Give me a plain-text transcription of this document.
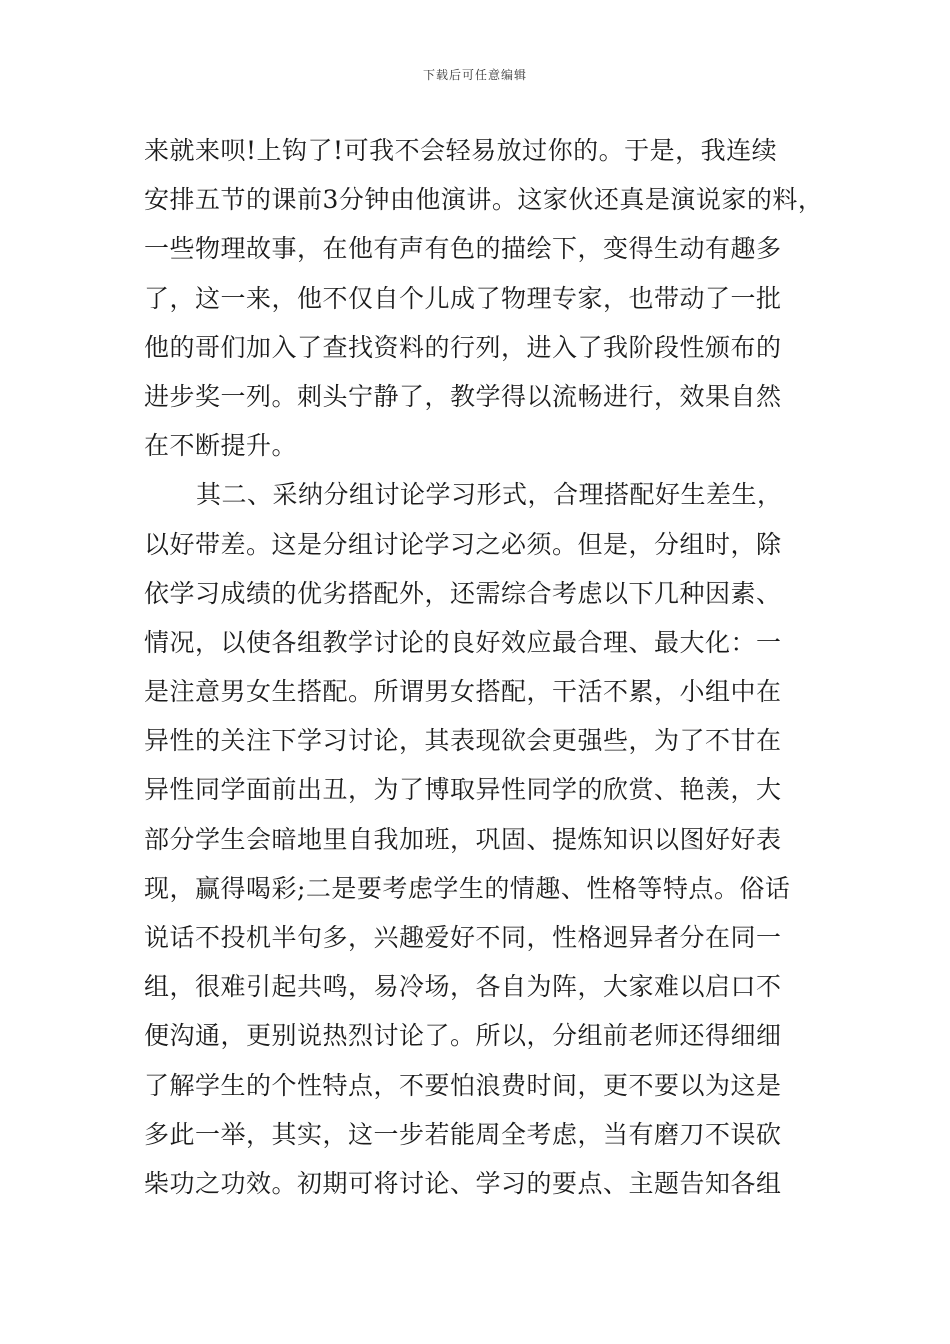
下载后可任意编辑
来就来呗!上钩了!可我不会轻易放过你的。于是，我连续
安排五节的课前3分钟由他演讲。这家伙还真是演说家的料，
一些物理故事，在他有声有色的描绘下，变得生动有趣多
了，这一来，他不仅自个儿成了物理专家，也带动了一批
他的哥们加入了查找资料的行列，进入了我阶段性颁布的
进步奖一列。刺头宁静了，教学得以流畅进行，效果自然
在不断提升。
其二、采纳分组讨论学习形式，合理搭配好生差生，
以好带差。这是分组讨论学习之必须。但是，分组时，除
依学习成绩的优劣搭配外，还需综合考虑以下几种因素、
情况，以使各组教学讨论的良好效应最合理、最大化：一
是注意男女生搭配。所谓男女搭配，干活不累，小组中在
异性的关注下学习讨论，其表现欲会更强些，为了不甘在
异性同学面前出丑，为了博取异性同学的欣赏、艳羡，大
部分学生会暗地里自我加班，巩固、提炼知识以图好好表
现，赢得喝彩;二是要考虑学生的情趣、性格等特点。俗话
说话不投机半句多，兴趣爱好不同，性格迥异者分在同一
组，很难引起共鸣，易冷场，各自为阵，大家难以启口不
便沟通，更别说热烈讨论了。所以，分组前老师还得细细
了解学生的个性特点，不要怕浪费时间，更不要以为这是
多此一举，其实，这一步若能周全考虑，当有磨刀不误砍
柴功之功效。初期可将讨论、学习的要点、主题告知各组
